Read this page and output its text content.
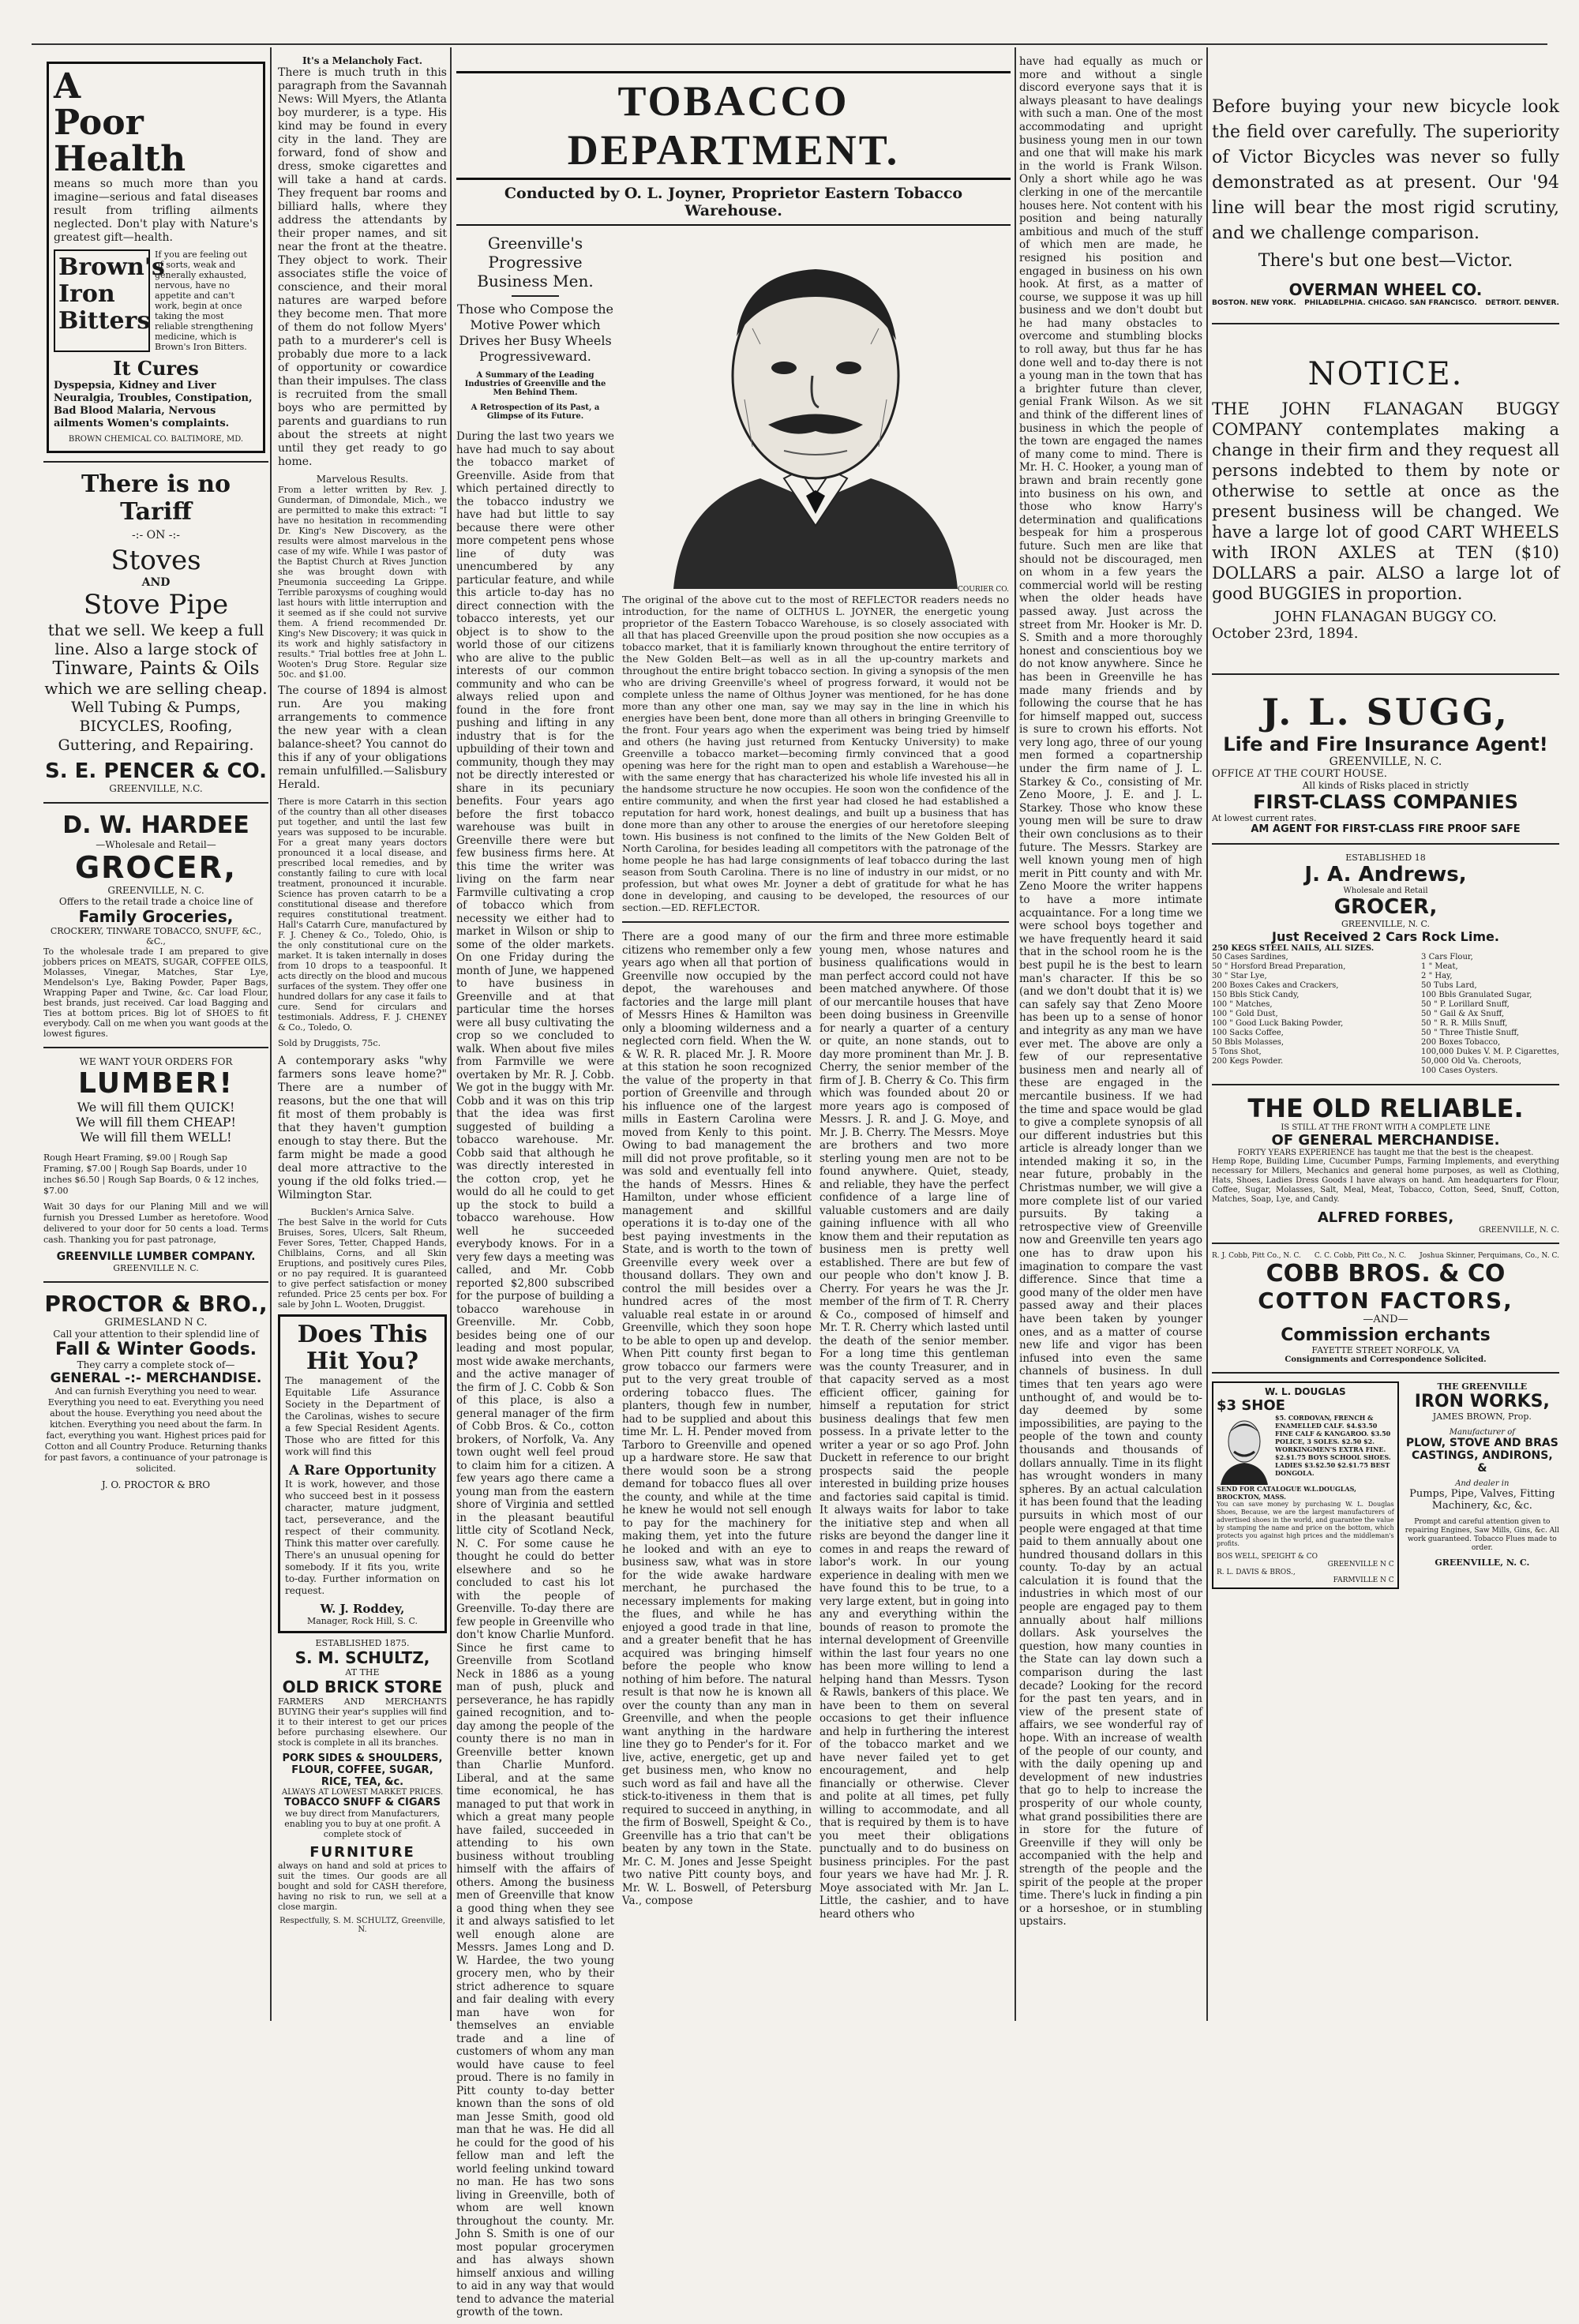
A
Poor
Health

means so much more than you imagine—serious and fatal diseases result from trifling ailments neglected. Don't play with Nature's greatest gift—health.

Brown's
Iron
Bitters
If you are feeling out of sorts, weak and generally exhausted, nervous, have no appetite and can't work, begin at once taking the most reliable strengthening medicine, which is Brown's Iron Bitters.
It Cures
Dyspepsia, Kidney and Liver Neuralgia, Troubles, Constipation, Bad Blood Malaria, Nervous ailments Women's complaints.
BROWN CHEMICAL CO. BALTIMORE, MD.
There is no Tariff
-:- ON -:-
Stoves
AND
Stove Pipe
that we sell. We keep a full line. Also a large stock of
Tinware, Paints & Oils
which we are selling cheap.
Well Tubing & Pumps, BICYCLES, Roofing, Guttering, and Repairing.
S. E. PENCER & CO.
GREENVILLE, N.C.
D. W. HARDEE
—Wholesale and Retail—
GROCER,
GREENVILLE, N. C.
Offers to the retail trade a choice line of
Family Groceries,
CROCKERY, TINWARE TOBACCO, SNUFF, &C., &C.,

To the wholesale trade I am prepared to give jobbers prices on MEATS, SUGAR, COFFEE OILS, Molasses, Vinegar, Matches, Star Lye, Mendelson's Lye, Baking Powder, Paper Bags, Wrapping Paper and Twine, &c. Car load Flour, best brands, just received. Car load Bagging and Ties at bottom prices. Big lot of SHOES to fit everybody. Call on me when you want goods at the lowest figures.

WE WANT YOUR ORDERS FOR
LUMBER!
We will fill them QUICK!
We will fill them CHEAP!
We will fill them WELL!

Rough Heart Framing, $9.00 | Rough Sap Framing, $7.00 | Rough Sap Boards, under 10 inches $6.50 | Rough Sap Boards, 0 & 12 inches, $7.00

Wait 30 days for our Planing Mill and we will furnish you Dressed Lumber as heretofore. Wood delivered to your door for 50 cents a load. Terms cash. Thanking you for past patronage,

GREENVILLE LUMBER COMPANY.
GREENVILLE N. C.
PROCTOR & BRO.,
GRIMESLAND N C.
Call your attention to their splendid line of
Fall & Winter Goods.
They carry a complete stock of—
GENERAL -:- MERCHANDISE.

And can furnish Everything you need to wear. Everything you need to eat. Everything you need about the house. Everything you need about the kitchen. Everything you need about the farm. In fact, everything you want. Highest prices paid for Cotton and all Country Produce. Returning thanks for past favors, a continuance of your patronage is solicited.

J. O. PROCTOR & BRO
It's a Melancholy Fact.

There is much truth in this paragraph from the Savannah News: Will Myers, the Atlanta boy murderer, is a type. His kind may be found in every city in the land. They are forward, fond of show and dress, smoke cigarettes and will take a hand at cards. They frequent bar rooms and billiard halls, where they address the attendants by their proper names, and sit near the front at the theatre. They object to work. Their associates stifle the voice of conscience, and their moral natures are warped before they become men. That more of them do not follow Myers' path to a murderer's cell is probably due more to a lack of opportunity or cowardice than their impulses. The class is recruited from the small boys who are permitted by parents and guardians to run about the streets at night until they get ready to go home.

Marvelous Results.

From a letter written by Rev. J. Gunderman, of Dimondale, Mich., we are permitted to make this extract: "I have no hesitation in recommending Dr. King's New Discovery, as the results were almost marvelous in the case of my wife. While I was pastor of the Baptist Church at Rives Junction she was brought down with Pneumonia succeeding La Grippe. Terrible paroxysms of coughing would last hours with little interruption and it seemed as if she could not survive them. A friend recommended Dr. King's New Discovery; it was quick in its work and highly satisfactory in results." Trial bottles free at John L. Wooten's Drug Store. Regular size 50c. and $1.00.

The course of 1894 is almost run. Are you making arrangements to commence the new year with a clean balance-sheet? You cannot do this if any of your obligations remain unfulfilled.—Salisbury Herald.

There is more Catarrh in this section of the country than all other diseases put together, and until the last few years was supposed to be incurable. For a great many years doctors pronounced it a local disease, and prescribed local remedies, and by constantly failing to cure with local treatment, pronounced it incurable. Science has proven catarrh to be a constitutional disease and therefore requires constitutional treatment. Hall's Catarrh Cure, manufactured by F. J. Cheney & Co., Toledo, Ohio, is the only constitutional cure on the market. It is taken internally in doses from 10 drops to a teaspoonful. It acts directly on the blood and mucous surfaces of the system. They offer one hundred dollars for any case it fails to cure. Send for circulars and testimonials. Address, F. J. CHENEY & Co., Toledo, O.

Sold by Druggists, 75c.

A contemporary asks "why farmers sons leave home?" There are a number of reasons, but the one that will fit most of them probably is that they haven't gumption enough to stay there. But the farm might be made a good deal more attractive to the young if the old folks tried.—Wilmington Star.

Bucklen's Arnica Salve.

The best Salve in the world for Cuts Bruises, Sores, Ulcers, Salt Rheum, Fever Sores, Tetter, Chapped Hands, Chilblains, Corns, and all Skin Eruptions, and positively cures Piles, or no pay required. It is guaranteed to give perfect satisfaction or money refunded. Price 25 cents per box. For sale by John L. Wooten, Druggist.

Does This
Hit You?

The management of the Equitable Life Assurance Society in the Department of the Carolinas, wishes to secure a few Special Resident Agents. Those who are fitted for this work will find this

A Rare Opportunity

It is work, however, and those who succeed best in it possess character, mature judgment, tact, perseverance, and the respect of their community. Think this matter over carefully. There's an unusual opening for somebody. If it fits you, write to-day. Further information on request.

W. J. Roddey,
Manager, Rock Hill, S. C.
ESTABLISHED 1875.
S. M. SCHULTZ,
AT THE
OLD BRICK STORE

FARMERS AND MERCHANTS BUYING their year's supplies will find it to their interest to get our prices before purchasing elsewhere. Our stock is complete in all its branches.

PORK SIDES & SHOULDERS, FLOUR, COFFEE, SUGAR, RICE, TEA, &c.
ALWAYS AT LOWEST MARKET PRICES.
TOBACCO SNUFF & CIGARS

we buy direct from Manufacturers, enabling you to buy at one profit. A complete stock of

FURNITURE

always on hand and sold at prices to suit the times. Our goods are all bought and sold for CASH therefore, having no risk to run, we sell at a close margin.

Respectfully, S. M. SCHULTZ, Greenville, N.
TOBACCO DEPARTMENT.
Conducted by O. L. Joyner, Proprietor Eastern Tobacco Warehouse.
Greenville's Progressive Business Men.
Those who Compose the Motive Power which Drives her Busy Wheels Progressiveward.
A Summary of the Leading Industries of Greenville and the Men Behind Them.
A Retrospection of its Past, a Glimpse of its Future.

During the last two years we have had much to say about the tobacco market of Greenville. Aside from that which pertained directly to the tobacco industry we have had but little to say because there were other more competent pens whose line of duty was unencumbered by any particular feature, and while this article to-day has no direct connection with the tobacco interests, yet our object is to show to the world those of our citizens who are alive to the public interests of our common community and who can be always relied upon and found in the fore front pushing and lifting in any industry that is for the upbuilding of their town and community, though they may not be directly interested or share in its pecuniary benefits. Four years ago before the first tobacco warehouse was built in Greenville there were but few business firms here. At this time the writer was living on the farm near Farmville cultivating a crop of tobacco which from necessity we either had to market in Wilson or ship to some of the older markets. On one Friday during the month of June, we happened to have business in Greenville and at that particular time the horses were all busy cultivating the crop so we concluded to walk. When about five miles from Farmville we were overtaken by Mr. R. J. Cobb. We got in the buggy with Mr. Cobb and it was on this trip that the idea was first suggested of building a tobacco warehouse. Mr. Cobb said that although he was directly interested in the cotton crop, yet he would do all he could to get up the stock to build a tobacco warehouse. How well he succeeded everybody knows. For in a very few days a meeting was called, and Mr. Cobb reported $2,800 subscribed for the purpose of building a tobacco warehouse in Greenville. Mr. Cobb, besides being one of our leading and most popular, most wide awake merchants, and the active manager of the firm of J. C. Cobb & Son of this place, is also a general manager of the firm of Cobb Bros. & Co., cotton brokers, of Norfolk, Va. Any town ought well feel proud to claim him for a citizen. A few years ago there came a young man from the eastern shore of Virginia and settled in the pleasant beautiful little city of Scotland Neck, N. C. For some cause he thought he could do better elsewhere and so he concluded to cast his lot with the people of Greenville. To-day there are few people in Greenville who don't know Charlie Munford. Since he first came to Greenville from Scotland Neck in 1886 as a young man of push, pluck and perseverance, he has rapidly gained recognition, and to-day among the people of the county there is no man in Greenville better known than Charlie Munford. Liberal, and at the same time economical, he has managed to put that work in which a great many people have failed, succeeded in attending to his own business without troubling himself with the affairs of others. Among the business men of Greenville that know a good thing when they see it and always satisfied to let well enough alone are Messrs. James Long and D. W. Hardee, the two young grocery men, who by their strict adherence to square and fair dealing with every man have won for themselves an enviable trade and a line of customers of whom any man would have cause to feel proud. There is no family in Pitt county to-day better known than the sons of old man Jesse Smith, good old man that he was. He did all he could for the good of his fellow man and left the world feeling unkind toward no man. He has two sons living in Greenville, both of whom are well known throughout the county. Mr. John S. Smith is one of our most popular grocerymen and has always shown himself anxious and willing to aid in any way that would tend to advance the material growth of the town.

COURIER CO.

The original of the above cut to the most of REFLECTOR readers needs no introduction, for the name of OLTHUS L. JOYNER, the energetic young proprietor of the Eastern Tobacco Warehouse, is so closely associated with all that has placed Greenville upon the proud position she now occupies as a tobacco market, that it is familiarly known throughout the entire territory of the New Golden Belt—as well as in all the up-country markets and throughout the entire bright tobacco section. In giving a synopsis of the men who are driving Greenville's wheel of progress forward, it would not be complete unless the name of Olthus Joyner was mentioned, for he has done more than any other one man, say we may say in the line in which his energies have been bent, done more than all others in bringing Greenville to the front. Four years ago when the experiment was being tried by himself and others (he having just returned from Kentucky University) to make Greenville a tobacco market—becoming firmly convinced that a good opening was here for the right man to open and establish a Warehouse—he with the same energy that has characterized his whole life invested his all in the handsome structure he now occupies. He soon won the confidence of the entire community, and when the first year had closed he had established a reputation for hard work, honest dealings, and built up a business that has done more than any other to arouse the energies of our heretofore sleeping town. His business is not confined to the limits of the New Golden Belt of North Carolina, for besides leading all competitors with the patronage of the home people he has had large consignments of leaf tobacco during the last season from South Carolina. There is no line of industry in our midst, or no profession, but what owes Mr. Joyner a debt of gratitude for what he has done in developing, and causing to be developed, the resources of our section.—ED. REFLECTOR.

There are a good many of our citizens who remember only a few years ago when all that portion of Greenville now occupied by the depot, the warehouses and factories and the large mill plant of Messrs Hines & Hamilton was only a blooming wilderness and a neglected corn field. When the W. & W. R. R. placed Mr. J. R. Moore at this station he soon recognized the value of the property in that portion of Greenville and through his influence one of the largest mills in Eastern Carolina were moved from Kenly to this point. Owing to bad management the mill did not prove profitable, so it was sold and eventually fell into the hands of Messrs. Hines & Hamilton, under whose efficient management and skillful operations it is to-day one of the best paying investments in the State, and is worth to the town of Greenville every week over a thousand dollars. They own and control the mill besides over a hundred acres of the most valuable real estate in or around Greenville, which they soon hope to be able to open up and develop. When Pitt county first began to grow tobacco our farmers were put to the very great trouble of ordering tobacco flues. The planters, though few in number, had to be supplied and about this time Mr. L. H. Pender moved from Tarboro to Greenville and opened up a hardware store. He saw that there would soon be a strong demand for tobacco flues all over the county, and while at the time he knew he would not sell enough to pay for the machinery for making them, yet into the future he looked and with an eye to business saw, what was in store for the wide awake hardware merchant, he purchased the necessary implements for making the flues, and while he has enjoyed a good trade in that line, and a greater benefit that he has acquired was bringing himself before the people who know nothing of him before. The natural result is that now he is known all over the county than any man in Greenville, and when the people want anything in the hardware line they go to Pender's for it. For live, active, energetic, get up and get business men, who know no such word as fail and have all the stick-to-itiveness in them that is required to succeed in anything, in the firm of Boswell, Speight & Co., Greenville has a trio that can't be beaten by any town in the State. Mr. C. M. Jones and Jesse Speight two native Pitt county boys, and Mr. W. L. Boswell, of Petersburg Va., compose

the firm and three more estimable young men, whose natures and business qualifications would in man perfect accord could not have been matched anywhere. Of those of our mercantile houses that have been doing business in Greenville for nearly a quarter of a century or quite, an none stands, out to day more prominent than Mr. J. B. Cherry, the senior member of the firm of J. B. Cherry & Co. This firm which was founded about 20 or more years ago is composed of Messrs. J. R. and J. G. Moye, and Mr. J. B. Cherry. The Messrs. Moye are brothers and two more sterling young men are not to be found anywhere. Quiet, steady, and reliable, they have the perfect confidence of a large line of valuable customers and are daily gaining influence with all who know them and their reputation as business men is pretty well established. There are but few of our people who don't know J. B. Cherry. For years he was the Jr. member of the firm of T. R. Cherry & Co., composed of himself and Mr. T. R. Cherry which lasted until the death of the senior member. For a long time this gentleman was the county Treasurer, and in that capacity served as a most efficient officer, gaining for himself a reputation for strict business dealings that few men possess. In a private letter to the writer a year or so ago Prof. John Duckett in reference to our bright prospects said the people interested in building prize houses and factories said capital is timid. It always waits for labor to take the initiative step and when all risks are beyond the danger line it comes in and reaps the reward of labor's work. In our young experience in dealing with men we have found this to be true, to a very large extent, but in going into any and everything within the bounds of reason to promote the internal development of Greenville within the last four years no one has been more willing to lend a helping hand than Messrs. Tyson & Rawls, bankers of this place. We have been to them on several occasions to get their influence and help in furthering the interest of the tobacco market and we have never failed yet to get encouragement, and help financially or otherwise. Clever and polite at all times, pet fully willing to accommodate, and all that is required by them is to have you meet their obligations punctually and to do business on business principles. For the past four years we have had Mr. J. R. Moye associated with Mr. Jan L. Little, the cashier, and to have heard others who

have had equally as much or more and without a single discord everyone says that it is always pleasant to have dealings with such a man. One of the most accommodating and upright business young men in our town and one that will make his mark in the world is Frank Wilson. Only a short while ago he was clerking in one of the mercantile houses here. Not content with his position and being naturally ambitious and much of the stuff of which men are made, he resigned his position and engaged in business on his own hook. At first, as a matter of course, we suppose it was up hill business and we don't doubt but he had many obstacles to overcome and stumbling blocks to roll away, but thus far he has done well and to-day there is not a young man in the town that has a brighter future than clever, genial Frank Wilson. As we sit and think of the different lines of business in which the people of the town are engaged the names of many come to mind. There is Mr. H. C. Hooker, a young man of brawn and brain recently gone into business on his own, and those who know Harry's determination and qualifications bespeak for him a prosperous future. Such men are like that should not be discouraged, men on whom in a few years the commercial world will be resting when the older heads have passed away. Just across the street from Mr. Hooker is Mr. D. S. Smith and a more thoroughly honest and conscientious boy we do not know anywhere. Since he has been in Greenville he has made many friends and by following the course that he has for himself mapped out, success is sure to crown his efforts. Not very long ago, three of our young men formed a copartnership under the firm name of J. L. Starkey & Co., consisting of Mr. Zeno Moore, J. E. and J. L. Starkey. Those who know these young men will be sure to draw their own conclusions as to their future. The Messrs. Starkey are well known young men of high merit in Pitt county and with Mr. Zeno Moore the writer happens to have a more intimate acquaintance. For a long time we were school boys together and we have frequently heard it said that in the school room he is the best pupil he is the best to learn man's character. If this be so (and we don't doubt that it is) we can safely say that Zeno Moore has been up to a sense of honor and integrity as any man we have ever met. The above are only a few of our representative business men and nearly all of these are engaged in the mercantile business. If we had the time and space would be glad to give a complete synopsis of all our different industries but this article is already longer than we intended making it so, in the near future, probably in the Christmas number, we will give a more complete list of our varied pursuits. By taking a retrospective view of Greenville now and Greenville ten years ago one has to draw upon his imagination to compare the vast difference. Since that time a good many of the older men have passed away and their places have been taken by younger ones, and as a matter of course new life and vigor has been infused into even the same channels of business. In dull times that ten years ago were unthought of, and would be to-day deemed by some impossibilities, are paying to the people of the town and county thousands and thousands of dollars annually. Time in its flight has wrought wonders in many spheres. By an actual calculation it has been found that the leading pursuits in which most of our people were engaged at that time paid to them annually about one hundred thousand dollars in this county. To-day by an actual calculation it is found that the industries in which most of our people are engaged pay to them annually about half millions dollars. Ask yourselves the question, how many counties in the State can lay down such a comparison during the last decade? Looking for the record for the past ten years, and in view of the present state of affairs, we see wonderful ray of hope. With an increase of wealth of the people of our county, and with the daily opening up and development of new industries that go to help to increase the prosperity of our whole county, what grand possibilities there are in store for the future of Greenville if they will only be accompanied with the help and strength of the people and the spirit of the people at the proper time. There's luck in finding a pin or a horseshoe, or in stumbling upstairs.

Before buying your new bicycle look the field over carefully. The superiority of Victor Bicycles was never so fully demonstrated as at present. Our '94 line will bear the most rigid scrutiny, and we challenge comparison.

There's but one best—Victor.
OVERMAN WHEEL CO.
BOSTON. NEW YORK. PHILADELPHIA. CHICAGO. SAN FRANCISCO. DETROIT. DENVER.
NOTICE.

THE JOHN FLANAGAN BUGGY COMPANY contemplates making a change in their firm and they request all persons indebted to them by note or otherwise to settle at once as the present business will be changed. We have a large lot of good CART WHEELS with IRON AXLES at TEN ($10) DOLLARS a pair. ALSO a large lot of good BUGGIES in proportion.

JOHN FLANAGAN BUGGY CO.
October 23rd, 1894.
J. L. SUGG,
Life and Fire Insurance Agent!
GREENVILLE, N. C.
OFFICE AT THE COURT HOUSE.
All kinds of Risks placed in strictly
FIRST-CLASS COMPANIES
At lowest current rates.
AM AGENT FOR FIRST-CLASS FIRE PROOF SAFE
ESTABLISHED 18
J. A. Andrews,
Wholesale and Retail
GROCER,
GREENVILLE, N. C.
Just Received 2 Cars Rock Lime.
250 KEGS STEEL NAILS, ALL SIZES.
50 Cases Sardines,
50 " Horsford Bread Preparation,
30 " Star Lye,
200 Boxes Cakes and Crackers,
150 Bbls Stick Candy,
100 " Matches,
100 " Gold Dust,
100 " Good Luck Baking Powder,
100 Sacks Coffee,
50 Bbls Molasses,
5 Tons Shot,
200 Kegs Powder.
3 Cars Flour,
1 " Meat,
2 " Hay,
50 Tubs Lard,
100 Bbls Granulated Sugar,
50 " P. Lorillard Snuff,
50 " Gail & Ax Snuff,
50 " R. R. Mills Snuff,
50 " Three Thistle Snuff,
200 Boxes Tobacco,
100,000 Dukes V. M. P. Cigarettes,
50,000 Old Va. Cheroots,
100 Cases Oysters.
THE OLD RELIABLE.
IS STILL AT THE FRONT WITH A COMPLETE LINE
OF GENERAL MERCHANDISE.
FORTY YEARS EXPERIENCE has taught me that the best is the cheapest.

Hemp Rope, Building Lime, Cucumber Pumps, Farming Implements, and everything necessary for Millers, Mechanics and general home purposes, as well as Clothing, Hats, Shoes, Ladies Dress Goods I have always on hand. Am headquarters for Flour, Coffee, Sugar, Molasses, Salt, Meal, Meat, Tobacco, Cotton, Seed, Snuff, Cotton, Matches, Soap, Lye, and Candy.

ALFRED FORBES,
GREENVILLE, N. C.
R. J. Cobb, Pitt Co., N. C. C. C. Cobb, Pitt Co., N. C. Joshua Skinner, Perquimans, Co., N. C.
COBB BROS. & CO
COTTON FACTORS,
—AND—
Commission erchants
FAYETTE STREET NORFOLK, VA
Consignments and Correspondence Solicited.
W. L. DOUGLAS
$3 SHOE
$5. CORDOVAN, FRENCH & ENAMELLED CALF. $4.$3.50 FINE CALF & KANGAROO. $3.50 POLICE, 3 SOLES. $2.50 $2. WORKINGMEN'S EXTRA FINE. $2.$1.75 BOYS SCHOOL SHOES. LADIES $3.$2.50 $2.$1.75 BEST DONGOLA.
SEND FOR CATALOGUE W.L.DOUGLAS, BROCKTON, MASS.

You can save money by purchasing W. L. Douglas Shoes, Because, we are the largest manufacturers of advertised shoes in the world, and guarantee the value by stamping the name and price on the bottom, which protects you against high prices and the middleman's profits.

BOS WELL, SPEIGHT & CO
GREENVILLE N C
R. L. DAVIS & BROS.,
FARMVILLE N C
THE GREENVILLE
IRON WORKS,
JAMES BROWN, Prop.
Manufacturer of
PLOW, STOVE AND BRAS
CASTINGS, ANDIRONS, &
And dealer in
Pumps, Pipe, Valves, Fitting
Machinery, &c, &c.

Prompt and careful attention given to repairing Engines, Saw Mills, Gins, &c. All work guaranteed. Tobacco Flues made to order.

GREENVILLE, N. C.
